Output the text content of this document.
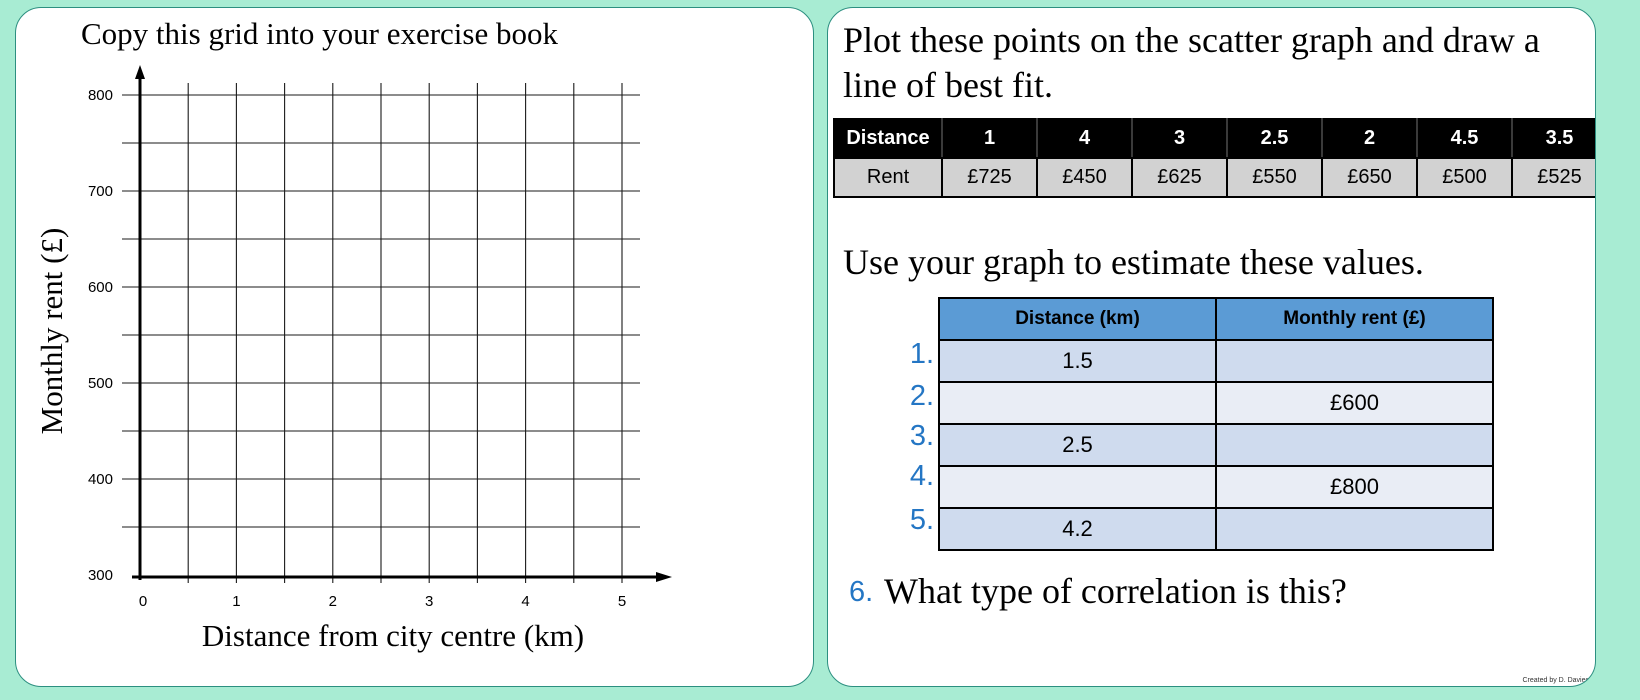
Copy this grid into your exercise book
300
400
500
600
700
800
0	1	2	3	4	5
Distance from city centre (km)
Monthly rent (£)
Plot these points on the scatter graph and draw a line of best fit.
Distance	1	4	3	2.5	2	4.5	3.5
Rent	£725	£450	£625	£550	£650	£500	£525
Use your graph to estimate these values.
Distance (km)	Monthly rent (£)
1.5	
	£600
2.5	
	£800
4.2	
1.
2.
3.
4.
5.
6. What type of correlation is this?
Created by D. Davies
